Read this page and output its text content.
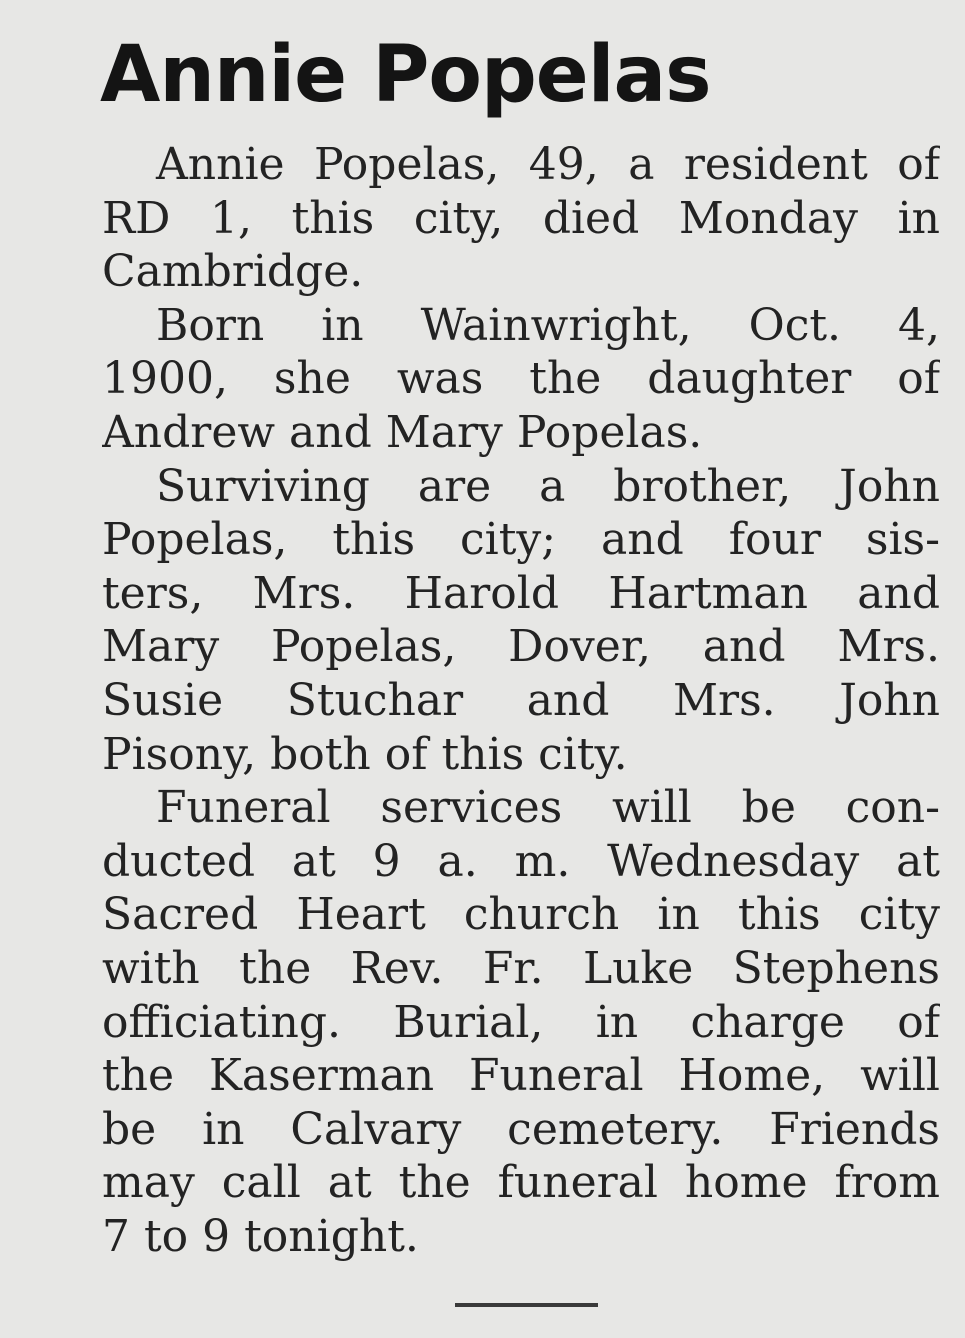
Annie Popelas

Annie Popelas, 49, a resident of
RD 1, this city, died Monday in
Cambridge.

Born in Wainwright, Oct. 4,
1900, she was the daughter of
Andrew and Mary Popelas.

Surviving are a brother, John
Popelas, this city; and four sis-
ters, Mrs. Harold Hartman and
Mary Popelas, Dover, and Mrs.
Susie Stuchar and Mrs. John
Pisony, both of this city.

Funeral services will be con-
ducted at 9 a. m. Wednesday at
Sacred Heart church in this city
with the Rev. Fr. Luke Stephens
officiating. Burial, in charge of
the Kaserman Funeral Home, will
be in Calvary cemetery. Friends
may call at the funeral home from
7 to 9 tonight.
